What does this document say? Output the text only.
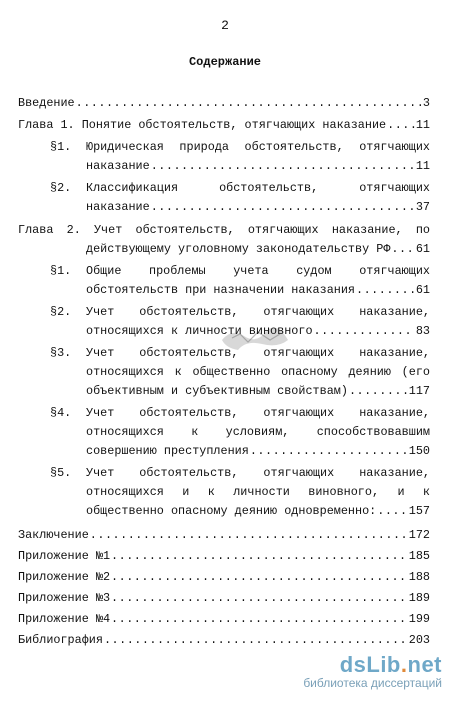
2
Содержание
Введение .....	3
Глава 1. Понятие обстоятельств, отягчающих наказание .....	11
§1. Юридическая природа обстоятельств, отягчающих
наказание .....	11
§2. Классификация обстоятельств, отягчающих
наказание .....	37
Глава 2. Учет обстоятельств, отягчающих наказание, по
действующему уголовному законодательству РФ ..... 61
§1. Общие проблемы учета судом отягчающих
обстоятельств при назначении наказания .....	61
§2. Учет обстоятельств, отягчающих наказание,
относящихся к личности виновного .....	83
§3. Учет обстоятельств, отягчающих наказание,
относящихся к общественно опасному деянию (его
объективным и субъективным свойствам) .....	117
§4. Учет обстоятельств, отягчающих наказание,
относящихся к условиям, способствовавшим
совершению преступления .....	150
§5. Учет обстоятельств, отягчающих наказание,
относящихся и к личности виновного, и к
общественно опасному деянию одновременно: .....	157
Заключение .....	172
Приложение №1 .....	185
Приложение №2 .....	188
Приложение №3 .....	189
Приложение №4 .....	199
Библиография .....	203
dsLib.net
библиотека диссертаций
